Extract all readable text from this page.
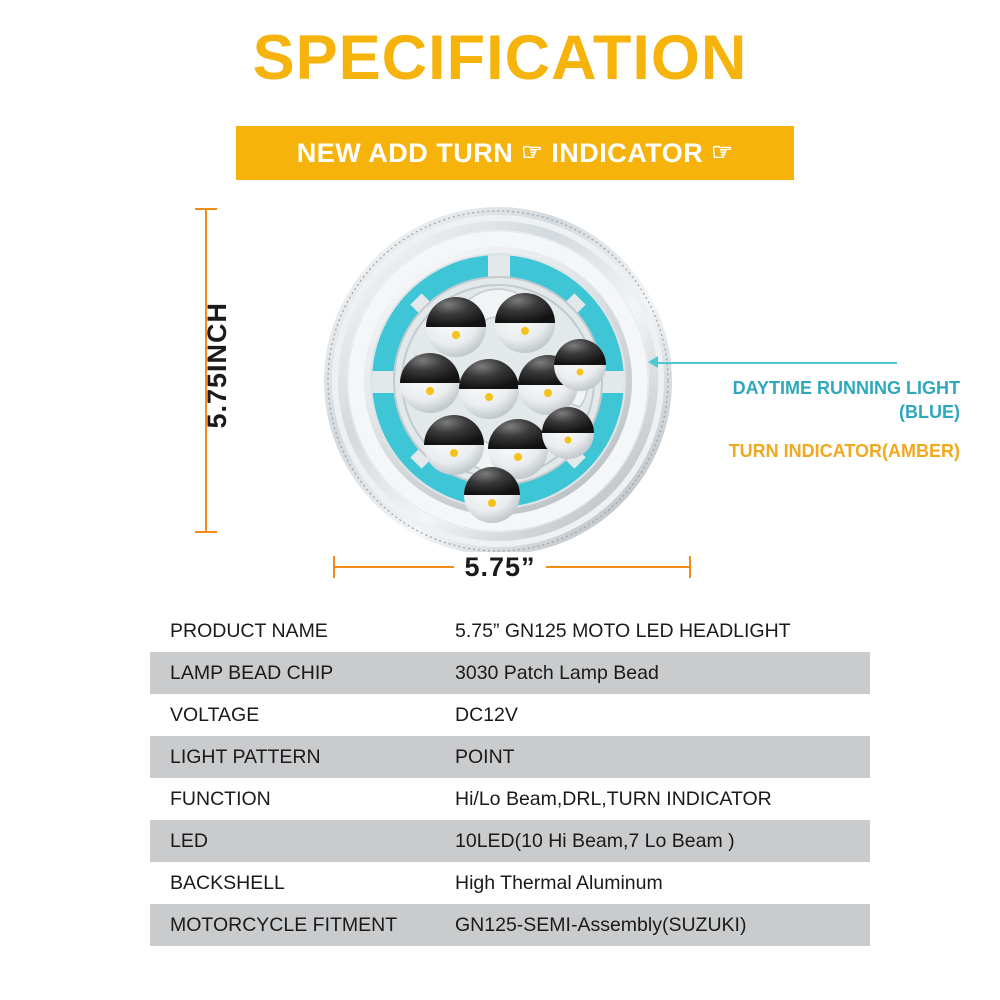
SPECIFICATION
NEW ADD TURN ☞ INDICATOR ☞
5.75INCH	DAYTIME RUNNING LIGHT
(BLUE)
TURN INDICATOR(AMBER)
5.75”
PRODUCT NAME	5.75” GN125 MOTO LED HEADLIGHT
LAMP BEAD CHIP	3030 Patch Lamp Bead
VOLTAGE	DC12V
LIGHT PATTERN	POINT
FUNCTION	Hi/Lo Beam,DRL,TURN INDICATOR
LED	10LED(10 Hi Beam,7 Lo Beam )
BACKSHELL	High Thermal Aluminum
MOTORCYCLE FITMENT	GN125-SEMI-Assembly(SUZUKI)
